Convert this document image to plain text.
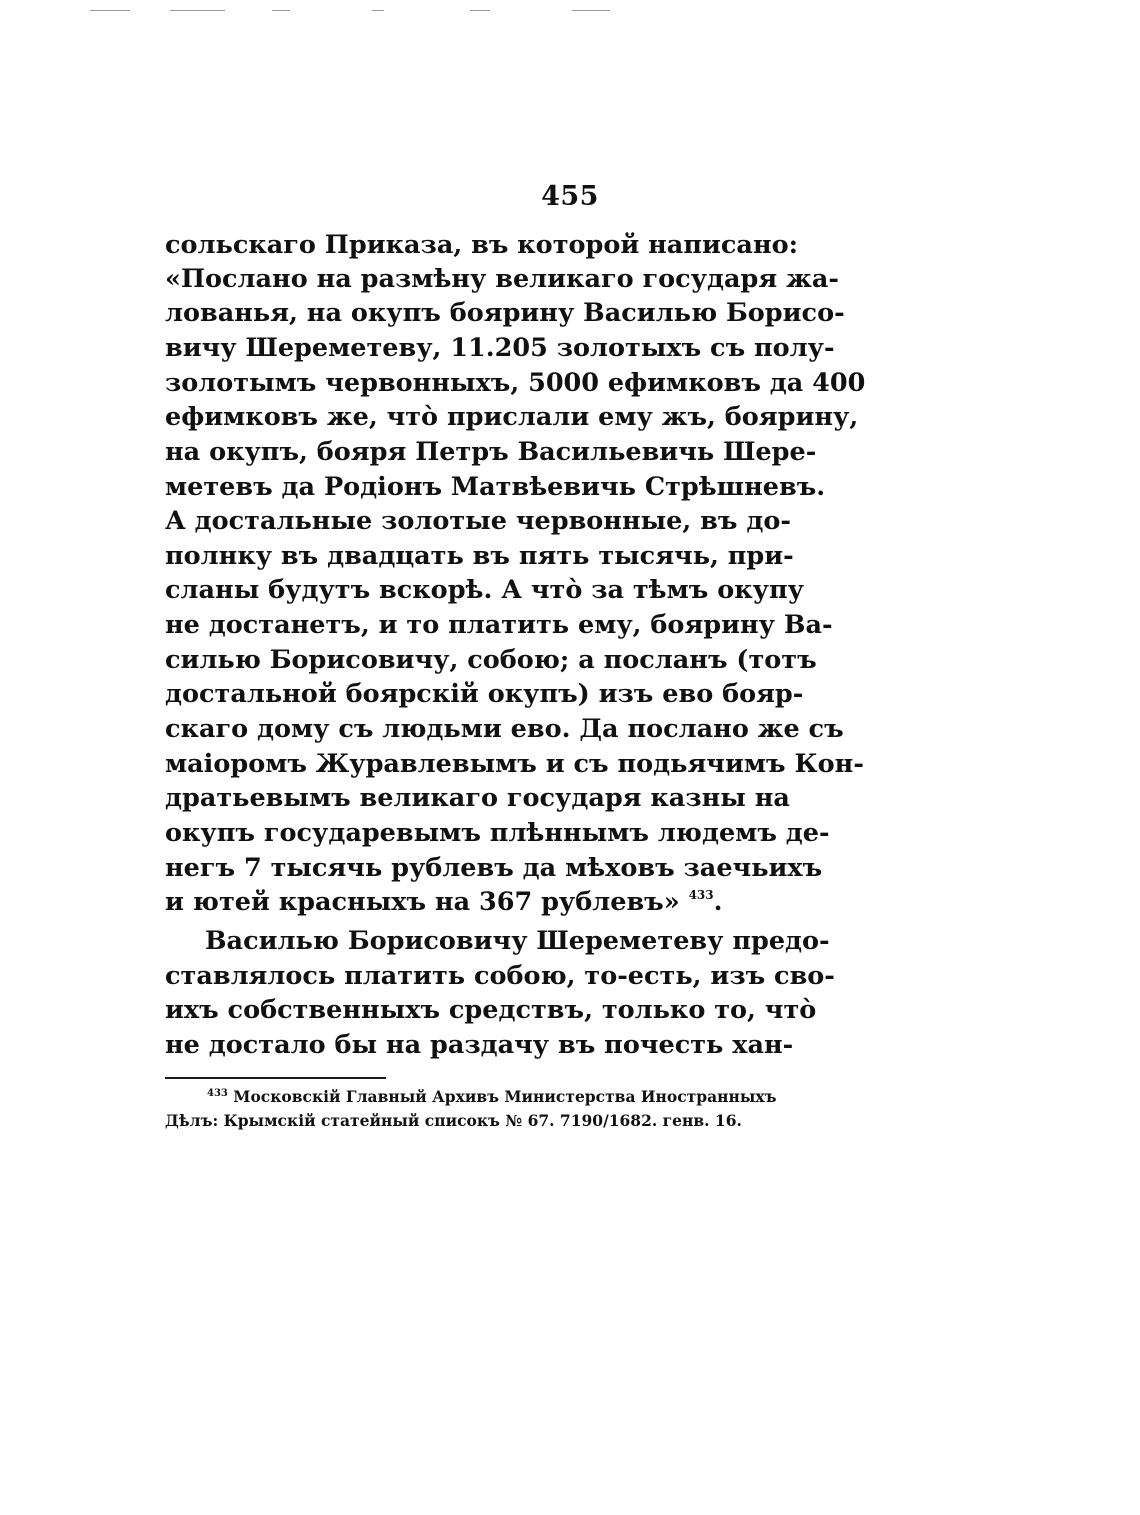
455
сольскаго Приказа, въ которой написано:
«Послано на размѣну великаго государя жа-
лованья, на окупъ боярину Василью Борисо-
вичу Шереметеву, 11.205 золотыхъ съ полу-
золотымъ червонныхъ, 5000 ефимковъ да 400
ефимковъ же, чтò прислали ему жъ, боярину,
на окупъ, бояря Петръ Васильевичь Шере-
метевъ да Родіонъ Матвѣевичь Стрѣшневъ.
А достальные золотые червонные, въ до-
полнку въ двадцать въ пять тысячь, при-
сланы будутъ вскорѣ. А чтò за тѣмъ окупу
не достанетъ, и то платить ему, боярину Ва-
силью Борисовичу, собою; а посланъ (тотъ
достальной боярскій окупъ) изъ ево бояр-
скаго дому съ людьми ево. Да послано же съ
маіоромъ Журавлевымъ и съ подьячимъ Кон-
дратьевымъ великаго государя казны на
окупъ государевымъ плѣннымъ людемъ де-
негъ 7 тысячь рублевъ да мѣховъ заечьихъ
и ютей красныхъ на 367 рублевъ» $^{433}$.
Василью Борисовичу Шереметеву предо-
ставлялось платить собою, то-есть, изъ сво-
ихъ собственныхъ средствъ, только то, чтò
не достало бы на раздачу въ почесть хан-
$^{433}$ Московскій Главный Архивъ Министерства Иностранныхъ
Дѣлъ: Крымскій статейный списокъ № 67. 7190/1682. генв. 16.
